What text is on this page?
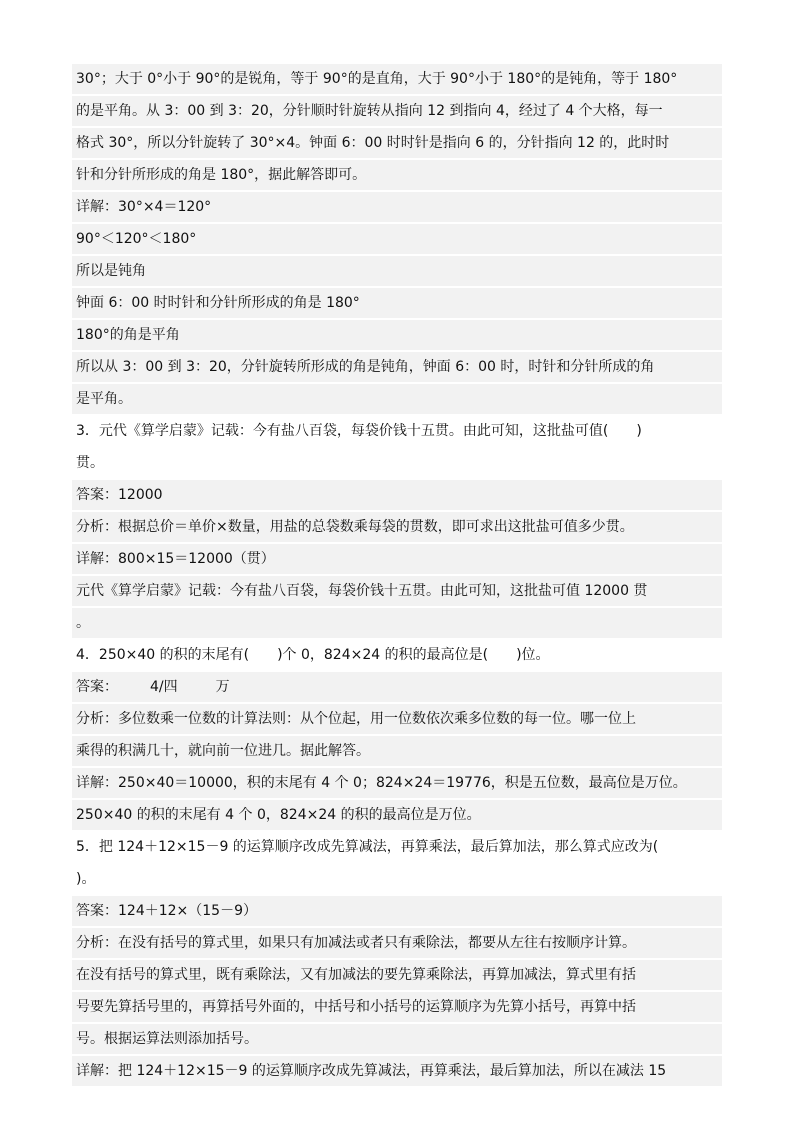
30°；大于 0°小于 90°的是锐角，等于 90°的是直角，大于 90°小于 180°的是钝角，等于 180°
的是平角。从 3：00 到 3：20，分针顺时针旋转从指向 12 到指向 4，经过了 4 个大格，每一
格式 30°，所以分针旋转了 30°×4。钟面 6：00 时时针是指向 6 的，分针指向 12 的，此时时
针和分针所形成的角是 180°，据此解答即可。
详解：30°×4＝120°
90°＜120°＜180°
所以是钝角
钟面 6：00 时时针和分针所形成的角是 180°
180°的角是平角
所以从 3：00 到 3：20，分针旋转所形成的角是钝角，钟面 6：00 时，时针和分针所成的角
是平角。
3．元代《算学启蒙》记载：今有盐八百袋，每袋价钱十五贯。由此可知，这批盐可值(　　)
贯。
答案：12000
分析：根据总价＝单价×数量，用盐的总袋数乘每袋的贯数，即可求出这批盐可值多少贯。
详解：800×15＝12000（贯）
元代《算学启蒙》记载：今有盐八百袋，每袋价钱十五贯。由此可知，这批盐可值 12000 贯
。
4．250×40 的积的末尾有(　　)个 0，824×24 的积的最高位是(　　)位。
答案： 4/四	万
分析：多位数乘一位数的计算法则：从个位起，用一位数依次乘多位数的每一位。哪一位上
乘得的积满几十，就向前一位进几。据此解答。
详解：250×40＝10000，积的末尾有 4 个 0；824×24＝19776，积是五位数，最高位是万位。
250×40 的积的末尾有 4 个 0，824×24 的积的最高位是万位。
5．把 124＋12×15－9 的运算顺序改成先算减法，再算乘法，最后算加法，那么算式应改为(
)。
答案：124＋12×（15－9）
分析：在没有括号的算式里，如果只有加减法或者只有乘除法，都要从左往右按顺序计算。
在没有括号的算式里，既有乘除法，又有加减法的要先算乘除法，再算加减法，算式里有括
号要先算括号里的，再算括号外面的，中括号和小括号的运算顺序为先算小括号，再算中括
号。根据运算法则添加括号。
详解：把 124＋12×15－9 的运算顺序改成先算减法，再算乘法，最后算加法，所以在减法 15
